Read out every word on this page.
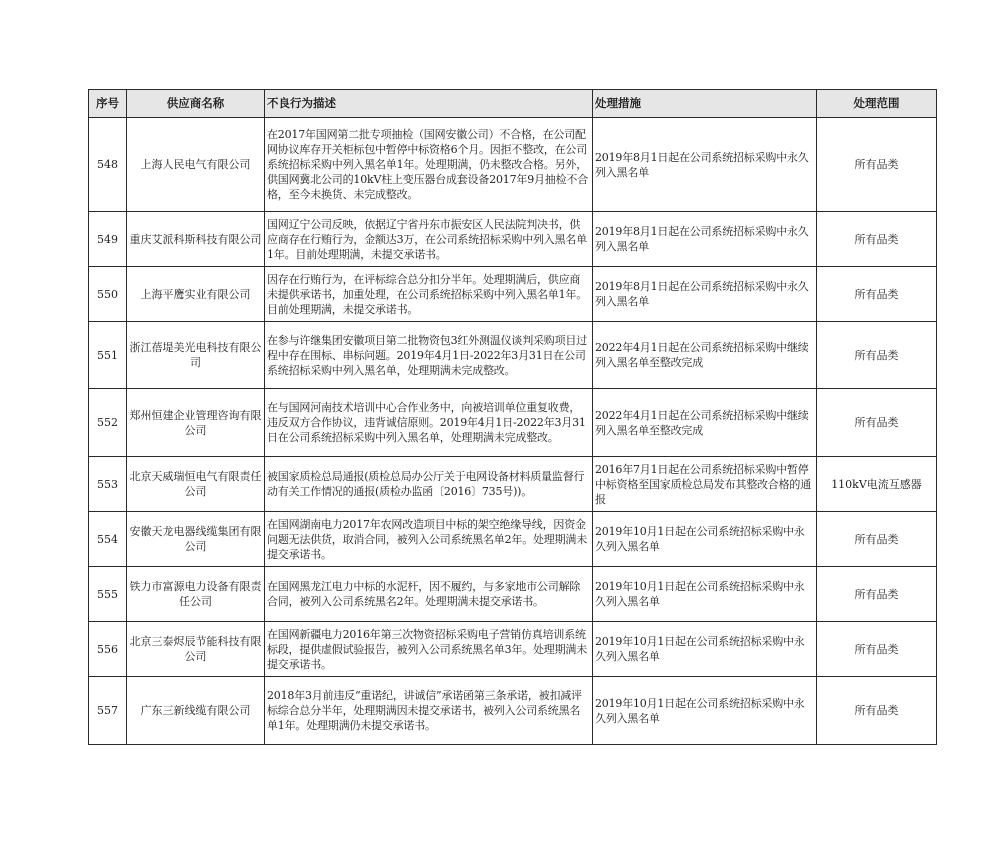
序号	供应商名称	不良行为描述	处理措施	处理范围
548	上海人民电气有限公司	在2017年国网第二批专项抽检（国网安徽公司）不合格，在公司配网协议库存开关柜标包中暂停中标资格6个月。因拒不整改，在公司系统招标采购中列入黑名单1年。处理期满，仍未整改合格。另外，供国网冀北公司的10kV柱上变压器台成套设备2017年9月抽检不合格，至今未换货、未完成整改。	2019年8月1日起在公司系统招标采购中永久列入黑名单	所有品类
549	重庆艾派科斯科技有限公司	国网辽宁公司反映，依据辽宁省丹东市振安区人民法院判决书，供应商存在行贿行为，金额达3万，在公司系统招标采购中列入黑名单1年。目前处理期满，未提交承诺书。	2019年8月1日起在公司系统招标采购中永久列入黑名单	所有品类
550	上海平鹰实业有限公司	因存在行贿行为，在评标综合总分扣分半年。处理期满后，供应商未提供承诺书，加重处理，在公司系统招标采购中列入黑名单1年。目前处理期满，未提交承诺书。	2019年8月1日起在公司系统招标采购中永久列入黑名单	所有品类
551	浙江蓓堤美光电科技有限公司	在参与许继集团安徽项目第二批物资包3红外测温仪谈判采购项目过程中存在围标、串标问题。2019年4月1日-2022年3月31日在公司系统招标采购中列入黑名单，处理期满未完成整改。	2022年4月1日起在公司系统招标采购中继续列入黑名单至整改完成	所有品类
552	郑州恒建企业管理咨询有限公司	在与国网河南技术培训中心合作业务中，向被培训单位重复收费，违反双方合作协议，违背诚信原则。2019年4月1日-2022年3月31日在公司系统招标采购中列入黑名单，处理期满未完成整改。	2022年4月1日起在公司系统招标采购中继续列入黑名单至整改完成	所有品类
553	北京天威瑞恒电气有限责任公司	被国家质检总局通报(质检总局办公厅关于电网设备材料质量监督行动有关工作情况的通报(质检办监函〔2016〕735号))。	2016年7月1日起在公司系统招标采购中暂停中标资格至国家质检总局发布其整改合格的通报	110kV电流互感器
554	安徽天龙电器线缆集团有限公司	在国网湖南电力2017年农网改造项目中标的架空绝缘导线，因资金问题无法供货，取消合同，被列入公司系统黑名单2年。处理期满未提交承诺书。	2019年10月1日起在公司系统招标采购中永久列入黑名单	所有品类
555	铁力市富源电力设备有限责任公司	在国网黑龙江电力中标的水泥杆，因不履约，与多家地市公司解除合同，被列入公司系统黑名2年。处理期满未提交承诺书。	2019年10月1日起在公司系统招标采购中永久列入黑名单	所有品类
556	北京三泰烬辰节能科技有限公司	在国网新疆电力2016年第三次物资招标采购电子营销仿真培训系统标段，提供虚假试验报告，被列入公司系统黑名单3年。处理期满未提交承诺书。	2019年10月1日起在公司系统招标采购中永久列入黑名单	所有品类
557	广东三新线缆有限公司	2018年3月前违反“重诺纪，讲诚信”承诺函第三条承诺，被扣减评标综合总分半年，处理期满因未提交承诺书，被列入公司系统黑名单1年。处理期满仍未提交承诺书。	2019年10月1日起在公司系统招标采购中永久列入黑名单	所有品类
